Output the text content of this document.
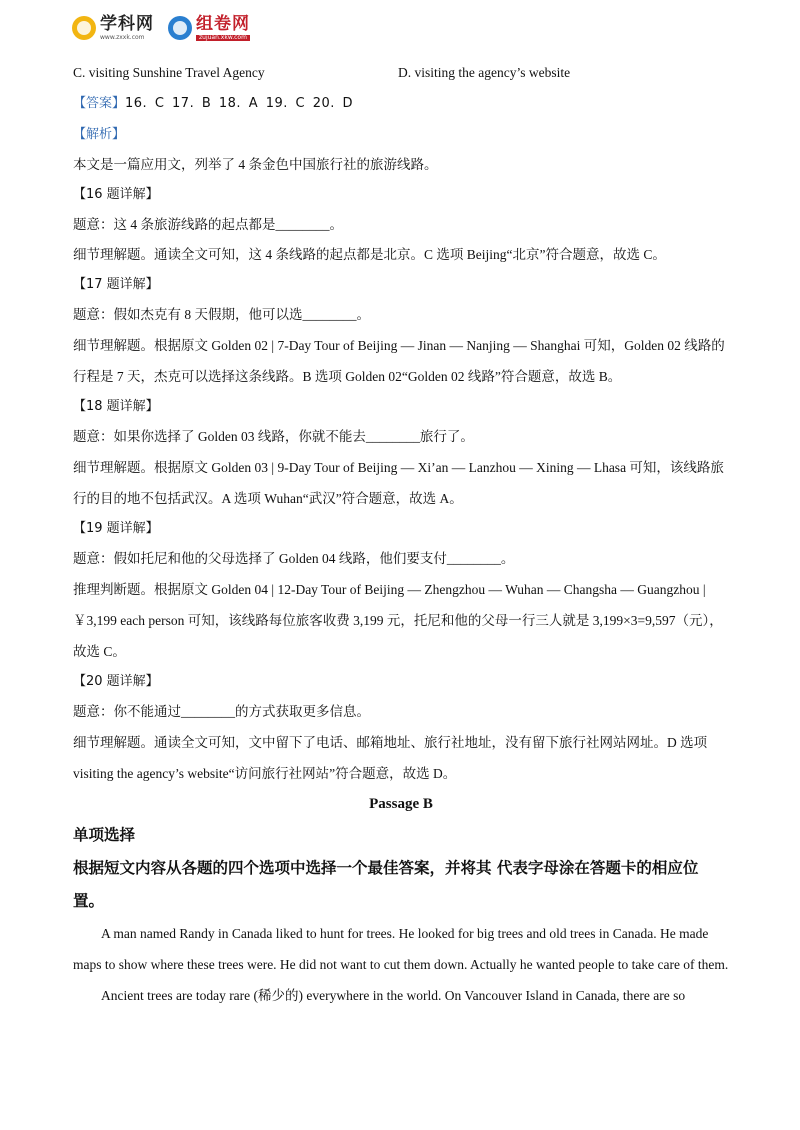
学科网
www.zxxk.com
组卷网
zujuan.xkw.com
C. visiting Sunshine Travel Agency	D. visiting the agency’s website
【答案】16. C 17. B 18. A 19. C 20. D
【解析】
本文是一篇应用文，列举了 4 条金色中国旅行社的旅游线路。
【16 题详解】
题意：这 4 条旅游线路的起点都是________。
细节理解题。通读全文可知，这 4 条线路的起点都是北京。C 选项 Beijing“北京”符合题意，故选 C。
【17 题详解】
题意：假如杰克有 8 天假期，他可以选________。
细节理解题。根据原文 Golden 02 | 7-Day Tour of Beijing — Jinan — Nanjing — Shanghai 可知，Golden 02 线路的行程是 7 天，杰克可以选择这条线路。B 选项 Golden 02“Golden 02 线路”符合题意，故选 B。
【18 题详解】
题意：如果你选择了 Golden 03 线路，你就不能去________旅行了。
细节理解题。根据原文 Golden 03 | 9-Day Tour of Beijing — Xi’an — Lanzhou — Xining — Lhasa 可知，该线路旅行的目的地不包括武汉。A 选项 Wuhan“武汉”符合题意，故选 A。
【19 题详解】
题意：假如托尼和他的父母选择了 Golden 04 线路，他们要支付________。
推理判断题。根据原文 Golden 04 | 12-Day Tour of Beijing — Zhengzhou — Wuhan — Changsha — Guangzhou | ￥3,199 each person 可知，该线路每位旅客收费 3,199 元，托尼和他的父母一行三人就是 3,199×3=9,597（元），故选 C。
【20 题详解】
题意：你不能通过________的方式获取更多信息。
细节理解题。通读全文可知，文中留下了电话、邮箱地址、旅行社地址，没有留下旅行社网站网址。D 选项 visiting the agency’s website“访问旅行社网站”符合题意，故选 D。
Passage B
单项选择
根据短文内容从各题的四个选项中选择一个最佳答案，并将其 代表字母涂在答题卡的相应位置。
A man named Randy in Canada liked to hunt for trees. He looked for big trees and old trees in Canada. He made maps to show where these trees were. He did not want to cut them down. Actually he wanted people to take care of them.
Ancient trees are today rare (稀少的) everywhere in the world. On Vancouver Island in Canada, there are so
